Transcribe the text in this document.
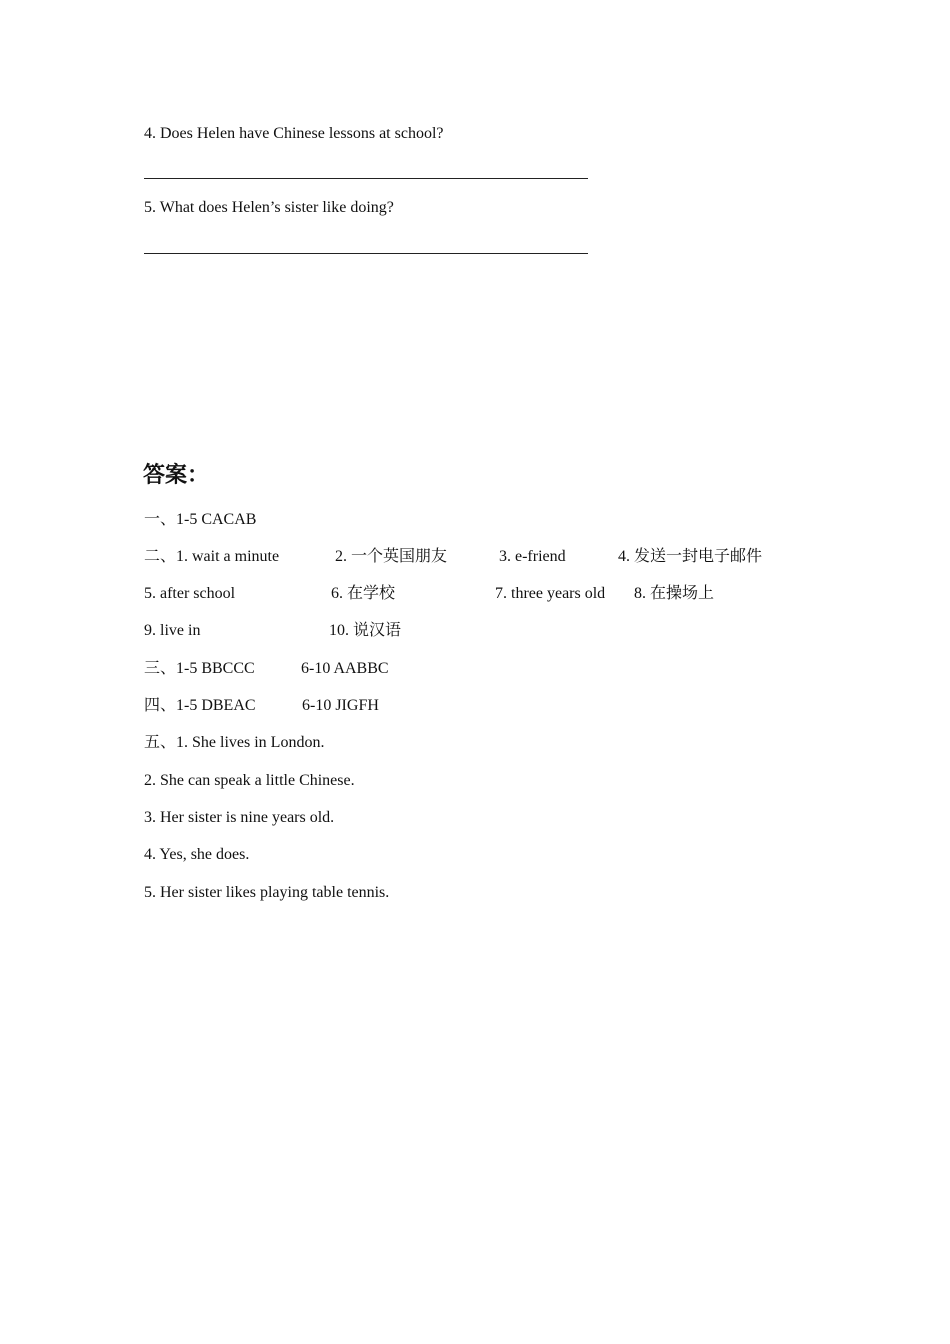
4. Does Helen have Chinese lessons at school?
5. What does Helen’s sister like doing?
答案：
一、1-5 CACAB
二、1. wait a minute	2. 一个英国朋友	3. e-friend	4. 发送一封电子邮件
5. after school	6. 在学校	7. three years old 8. 在操场上
9. live in	10. 说汉语
三、1-5 BBCCC	6-10 AABBC
四、1-5 DBEAC	6-10 JIGFH
五、1. She lives in London.
2. She can speak a little Chinese.
3. Her sister is nine years old.
4. Yes, she does.
5. Her sister likes playing table tennis.
